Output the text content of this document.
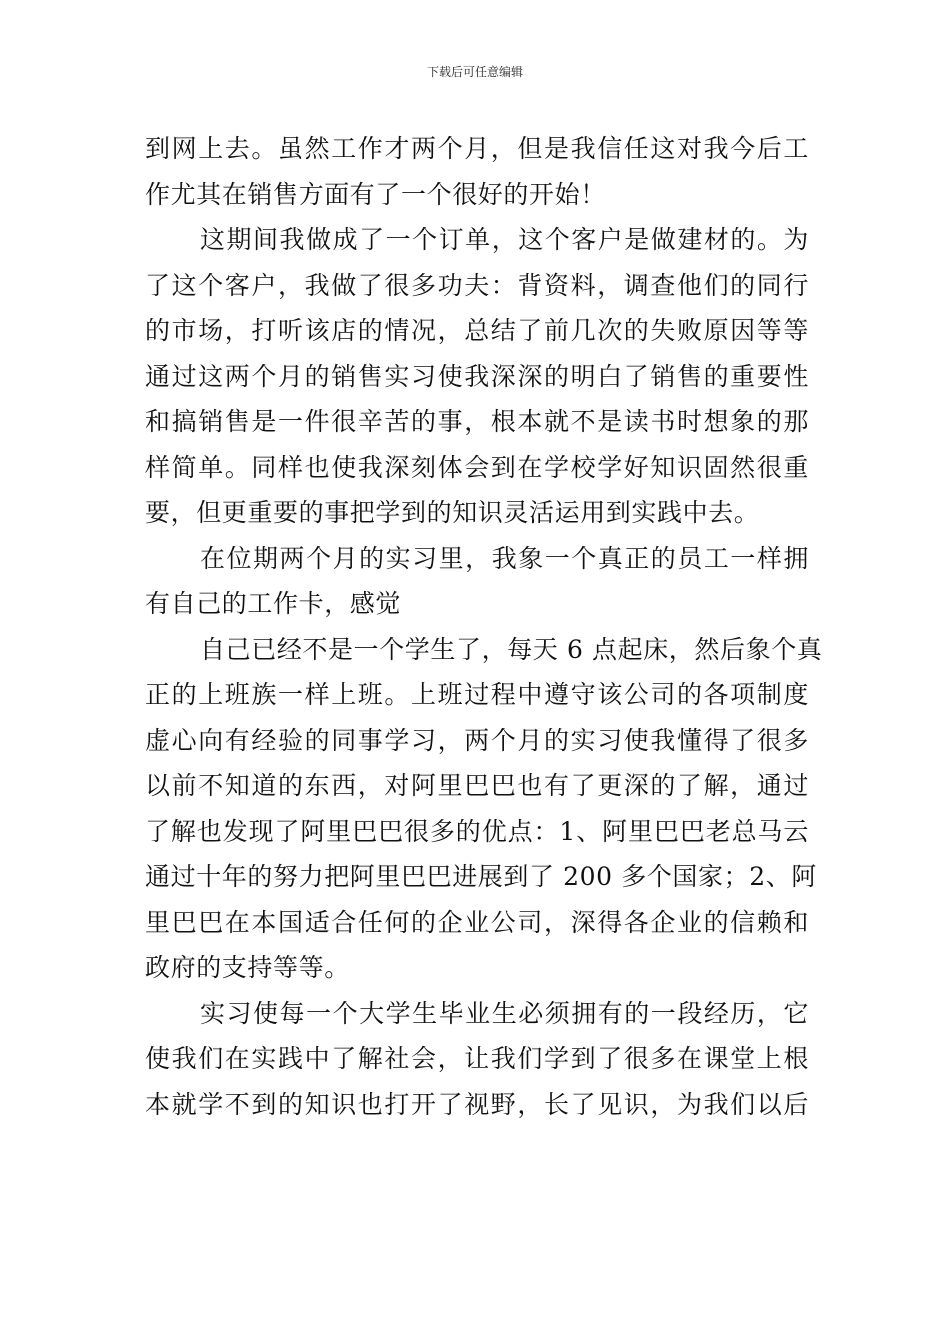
下载后可任意编辑
到网上去。虽然工作才两个月，但是我信任这对我今后工
作尤其在销售方面有了一个很好的开始！
这期间我做成了一个订单，这个客户是做建材的。为
了这个客户，我做了很多功夫：背资料，调查他们的同行
的市场，打听该店的情况，总结了前几次的失败原因等等
通过这两个月的销售实习使我深深的明白了销售的重要性
和搞销售是一件很辛苦的事，根本就不是读书时想象的那
样简单。同样也使我深刻体会到在学校学好知识固然很重
要，但更重要的事把学到的知识灵活运用到实践中去。
在位期两个月的实习里，我象一个真正的员工一样拥
有自己的工作卡，感觉
自己已经不是一个学生了，每天 6 点起床，然后象个真
正的上班族一样上班。上班过程中遵守该公司的各项制度
虚心向有经验的同事学习，两个月的实习使我懂得了很多
以前不知道的东西，对阿里巴巴也有了更深的了解，通过
了解也发现了阿里巴巴很多的优点：1、阿里巴巴老总马云
通过十年的努力把阿里巴巴进展到了 200 多个国家；2、阿
里巴巴在本国适合任何的企业公司，深得各企业的信赖和
政府的支持等等。
实习使每一个大学生毕业生必须拥有的一段经历，它
使我们在实践中了解社会，让我们学到了很多在课堂上根
本就学不到的知识也打开了视野，长了见识，为我们以后
